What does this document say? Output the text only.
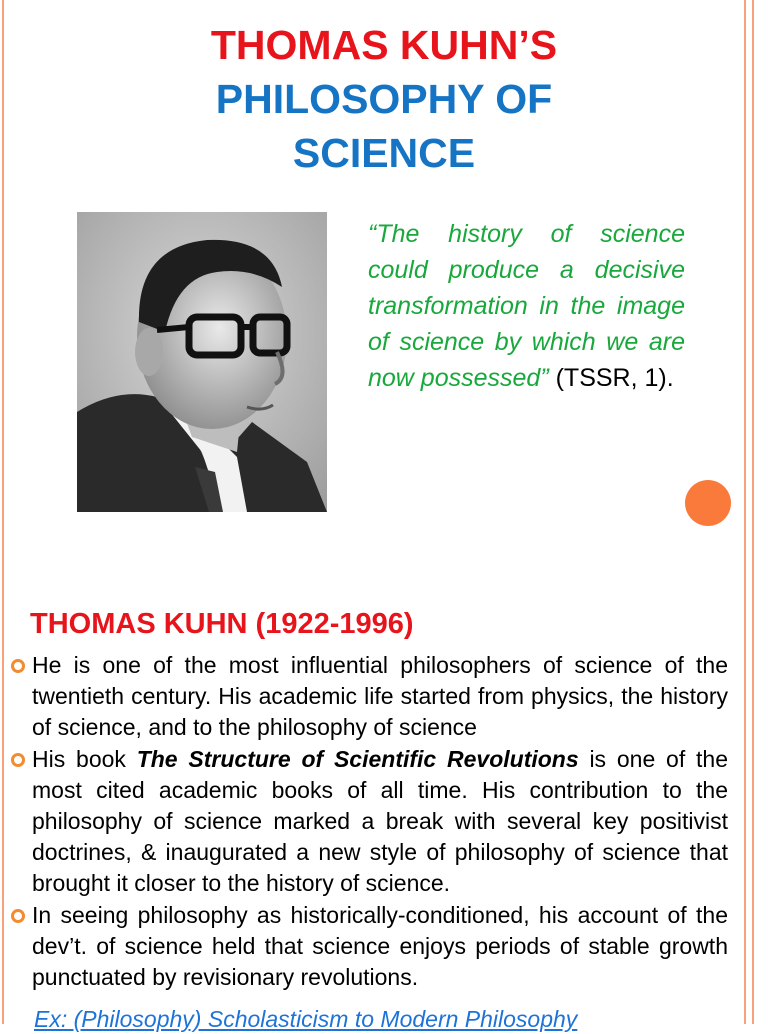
THOMAS KUHN’S
PHILOSOPHY OF
SCIENCE
“The history of science could produce a decisive transformation in the image of science by which we are now possessed” (TSSR, 1).
THOMAS KUHN (1922-1996)
He is one of the most influential philosophers of science of the twentieth century. His academic life started from physics, the history of science, and to the philosophy of science
His book The Structure of Scientific Revolutions is one of the most cited academic books of all time. His contribution to the philosophy of science marked a break with several key positivist doctrines, & inaugurated a new style of philosophy of science that brought it closer to the history of science.
In seeing philosophy as historically-conditioned, his account of the dev’t. of science held that science enjoys periods of stable growth punctuated by revisionary revolutions.
Ex: (Philosophy) Scholasticism to Modern Philosophy
